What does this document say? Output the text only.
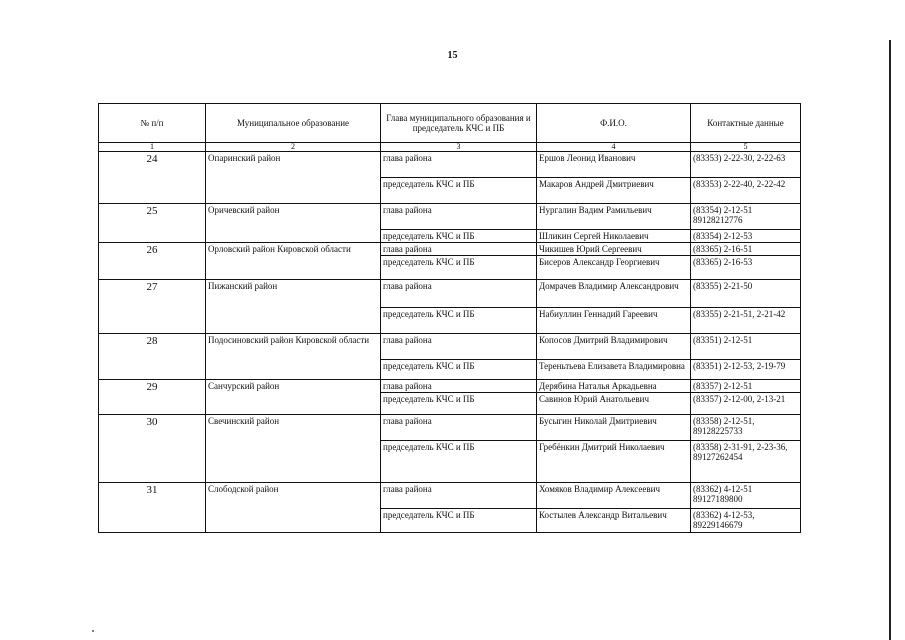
15
№ п/п	Муниципальное образование	Глава муниципального образования и председатель КЧС и ПБ	Ф.И.О.	Контактные данные
1	2	3	4	5
24	Опаринский район	глава района	Ершов Леонид Иванович	(83353) 2-22-30, 2-22-63
		председатель КЧС и ПБ	Макаров Андрей Дмитриевич	(83353) 2-22-40, 2-22-42
25	Оричевский район	глава района	Нургалин Вадим Рамильевич	(83354) 2-12-51 89128212776
		председатель КЧС и ПБ	Шликин Сергей Николаевич	(83354) 2-12-53
26	Орловский район Кировской области	глава района	Чикишев Юрий Сергеевич	(83365) 2-16-51
		председатель КЧС и ПБ	Бисеров Александр Георгиевич	(83365) 2-16-53
27	Пижанский район	глава района	Домрачев Владимир Александрович	(83355) 2-21-50
		председатель КЧС и ПБ	Набиуллин Геннадий Гареевич	(83355) 2-21-51, 2-21-42
28	Подосиновский район Кировской области	глава района	Копосов Дмитрий Владимирович	(83351) 2-12-51
		председатель КЧС и ПБ	Тереньтьева Елизавета Владимировна	(83351) 2-12-53, 2-19-79
29	Санчурский район	глава района	Дерябина Наталья Аркадьевна	(83357) 2-12-51
		председатель КЧС и ПБ	Савинов Юрий Анатольевич	(83357) 2-12-00, 2-13-21
30	Свечинский район	глава района	Бусыгин Николай Дмитриевич	(83358) 2-12-51, 89128225733
		председатель КЧС и ПБ	Гребёнкин Дмитрий Николаевич	(83358) 2-31-91, 2-23-36, 89127262454
31	Слободской район	глава района	Хомяков Владимир Алексеевич	(83362) 4-12-51 89127189800
		председатель КЧС и ПБ	Костылев Александр Витальевич	(83362) 4-12-53, 89229146679
